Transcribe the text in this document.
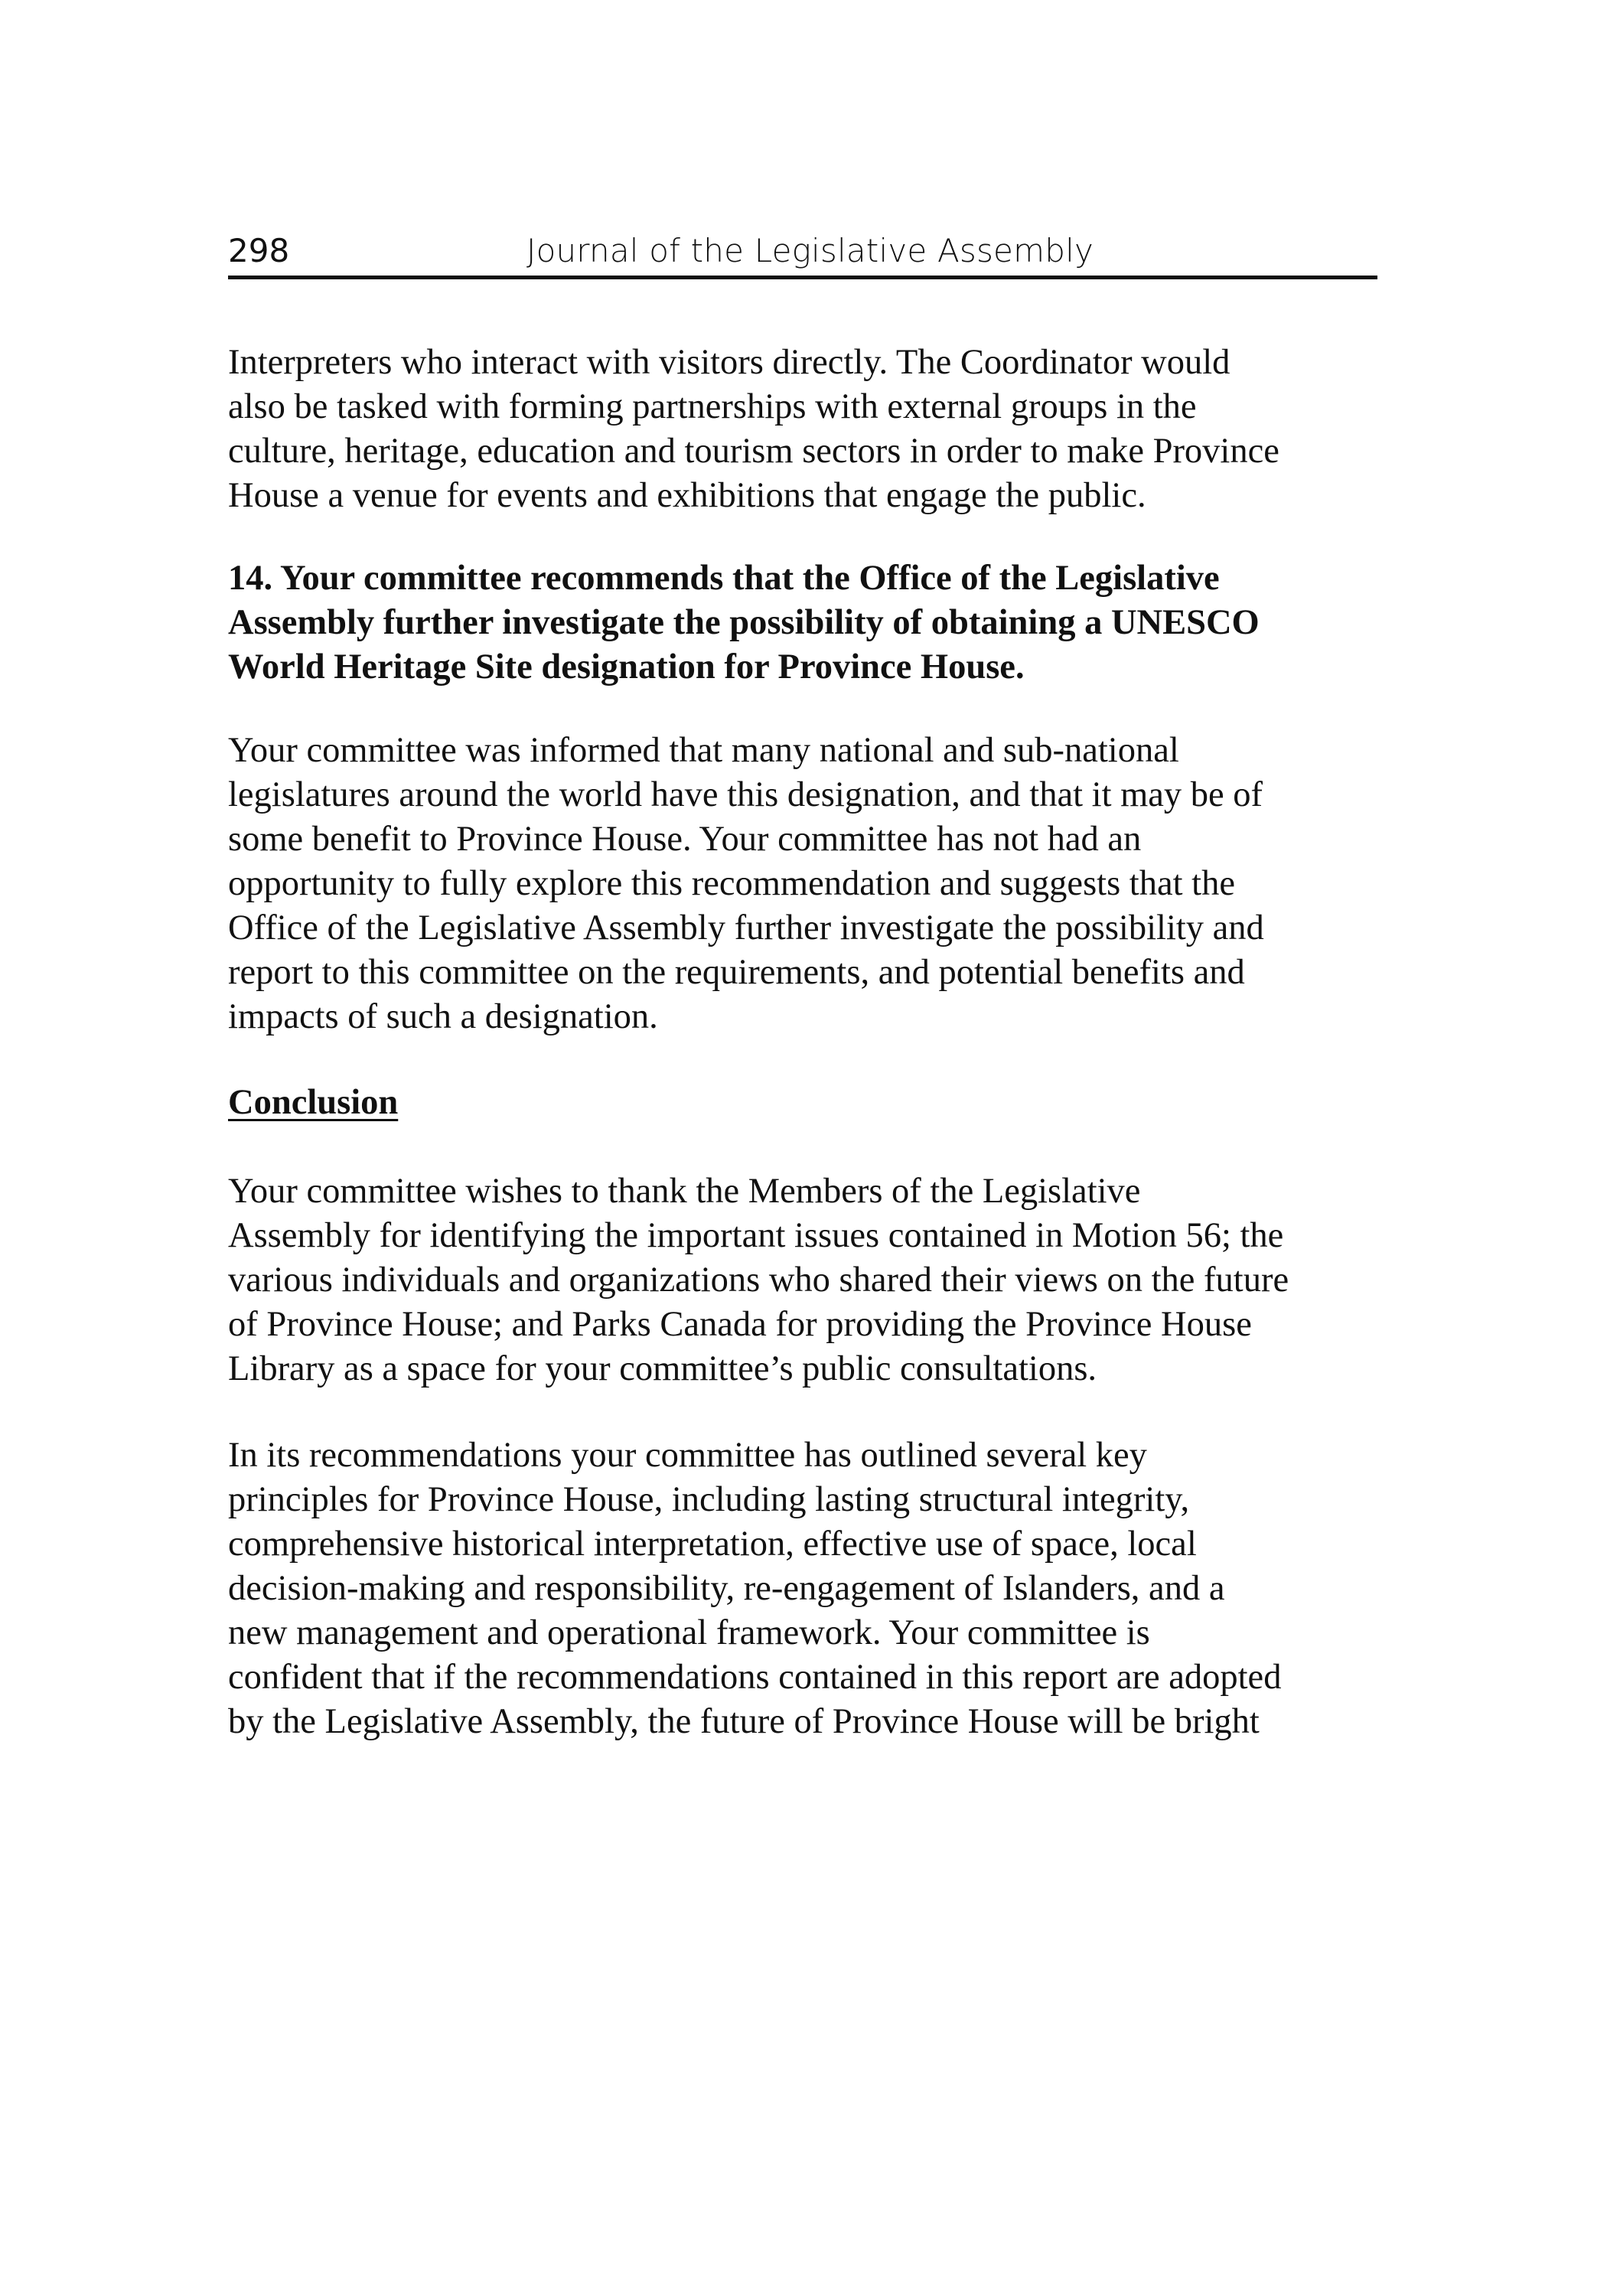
298	Journal of the Legislative Assembly

Interpreters who interact with visitors directly. The Coordinator would
also be tasked with forming partnerships with external groups in the
culture, heritage, education and tourism sectors in order to make Province
House a venue for events and exhibitions that engage the public.

14. Your committee recommends that the Office of the Legislative
Assembly further investigate the possibility of obtaining a UNESCO
World Heritage Site designation for Province House.

Your committee was informed that many national and sub-national
legislatures around the world have this designation, and that it may be of
some benefit to Province House. Your committee has not had an
opportunity to fully explore this recommendation and suggests that the
Office of the Legislative Assembly further investigate the possibility and
report to this committee on the requirements, and potential benefits and
impacts of such a designation.

Conclusion

Your committee wishes to thank the Members of the Legislative
Assembly for identifying the important issues contained in Motion 56; the
various individuals and organizations who shared their views on the future
of Province House; and Parks Canada for providing the Province House
Library as a space for your committee’s public consultations.

In its recommendations your committee has outlined several key
principles for Province House, including lasting structural integrity,
comprehensive historical interpretation, effective use of space, local
decision-making and responsibility, re-engagement of Islanders, and a
new management and operational framework. Your committee is
confident that if the recommendations contained in this report are adopted
by the Legislative Assembly, the future of Province House will be bright
